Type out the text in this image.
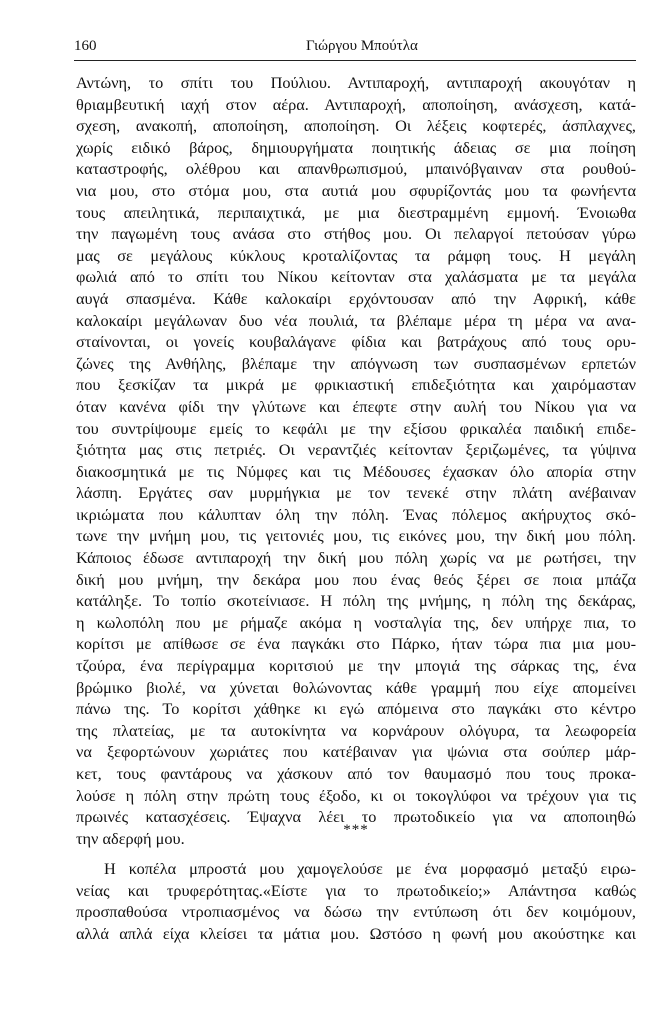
160	Γιώργου Μπούτλα
Αντώνη, το σπίτι του Πούλιου. Αντιπαροχή, αντιπαροχή ακουγόταν η
θριαμβευτική ιαχή στον αέρα. Αντιπαροχή, αποποίηση, ανάσχεση, κατά-
σχεση, ανακοπή, αποποίηση, αποποίηση. Οι λέξεις κοφτερές, άσπλαχνες,
χωρίς ειδικό βάρος, δημιουργήματα ποιητικής άδειας σε μια ποίηση
καταστροφής, ολέθρου και απανθρωπισμού, μπαινόβγαιναν στα ρουθού-
νια μου, στο στόμα μου, στα αυτιά μου σφυρίζοντάς μου τα φωνήεντα
τους απειλητικά, περιπαιχτικά, με μια διεστραμμένη εμμονή. Ένοιωθα
την παγωμένη τους ανάσα στο στήθος μου. Οι πελαργοί πετούσαν γύρω
μας σε μεγάλους κύκλους κροταλίζοντας τα ράμφη τους. Η μεγάλη
φωλιά από το σπίτι του Νίκου κείτονταν στα χαλάσματα με τα μεγάλα
αυγά σπασμένα. Κάθε καλοκαίρι ερχόντουσαν από την Αφρική, κάθε
καλοκαίρι μεγάλωναν δυο νέα πουλιά, τα βλέπαμε μέρα τη μέρα να ανα-
σταίνονται, οι γονείς κουβαλάγανε φίδια και βατράχους από τους ορυ-
ζώνες της Ανθήλης, βλέπαμε την απόγνωση των συσπασμένων ερπετών
που ξεσκίζαν τα μικρά με φρικιαστική επιδεξιότητα και χαιρόμασταν
όταν κανένα φίδι την γλύτωνε και έπεφτε στην αυλή του Νίκου για να
του συντρίψουμε εμείς το κεφάλι με την εξίσου φρικαλέα παιδική επιδε-
ξιότητα μας στις πετριές. Οι νεραντζιές κείτονταν ξεριζωμένες, τα γύψινα
διακοσμητικά με τις Νύμφες και τις Μέδουσες έχασκαν όλο απορία στην
λάσπη. Εργάτες σαν μυρμήγκια με τον τενεκέ στην πλάτη ανέβαιναν
ικριώματα που κάλυπταν όλη την πόλη. Ένας πόλεμος ακήρυχτος σκό-
τωνε την μνήμη μου, τις γειτονιές μου, τις εικόνες μου, την δική μου πόλη.
Κάποιος έδωσε αντιπαροχή την δική μου πόλη χωρίς να με ρωτήσει, την
δική μου μνήμη, την δεκάρα μου που ένας θεός ξέρει σε ποια μπάζα
κατάληξε. Το τοπίο σκοτείνιασε. Η πόλη της μνήμης, η πόλη της δεκάρας,
η κωλοπόλη που με ρήμαζε ακόμα η νοσταλγία της, δεν υπήρχε πια, το
κορίτσι με απίθωσε σε ένα παγκάκι στο Πάρκο, ήταν τώρα πια μια μου-
τζούρα, ένα περίγραμμα κοριτσιού με την μπογιά της σάρκας της, ένα
βρώμικο βιολέ, να χύνεται θολώνοντας κάθε γραμμή που είχε απομείνει
πάνω της. Το κορίτσι χάθηκε κι εγώ απόμεινα στο παγκάκι στο κέντρο
της πλατείας, με τα αυτοκίνητα να κορνάρουν ολόγυρα, τα λεωφορεία
να ξεφορτώνουν χωριάτες που κατέβαιναν για ψώνια στα σούπερ μάρ-
κετ, τους φαντάρους να χάσκουν από τον θαυμασμό που τους προκα-
λούσε η πόλη στην πρώτη τους έξοδο, κι οι τοκογλύφοι να τρέχουν για τις
πρωινές κατασχέσεις. Έψαχνα λέει το πρωτοδικείο για να αποποιηθώ
την αδερφή μου.	***
Η κοπέλα μπροστά μου χαμογελούσε με ένα μορφασμό μεταξύ ειρω-
νείας και τρυφερότητας.«Είστε για το πρωτοδικείο;» Απάντησα καθώς
προσπαθούσα ντροπιασμένος να δώσω την εντύπωση ότι δεν κοιμόμουν,
αλλά απλά είχα κλείσει τα μάτια μου. Ωστόσο η φωνή μου ακούστηκε και
